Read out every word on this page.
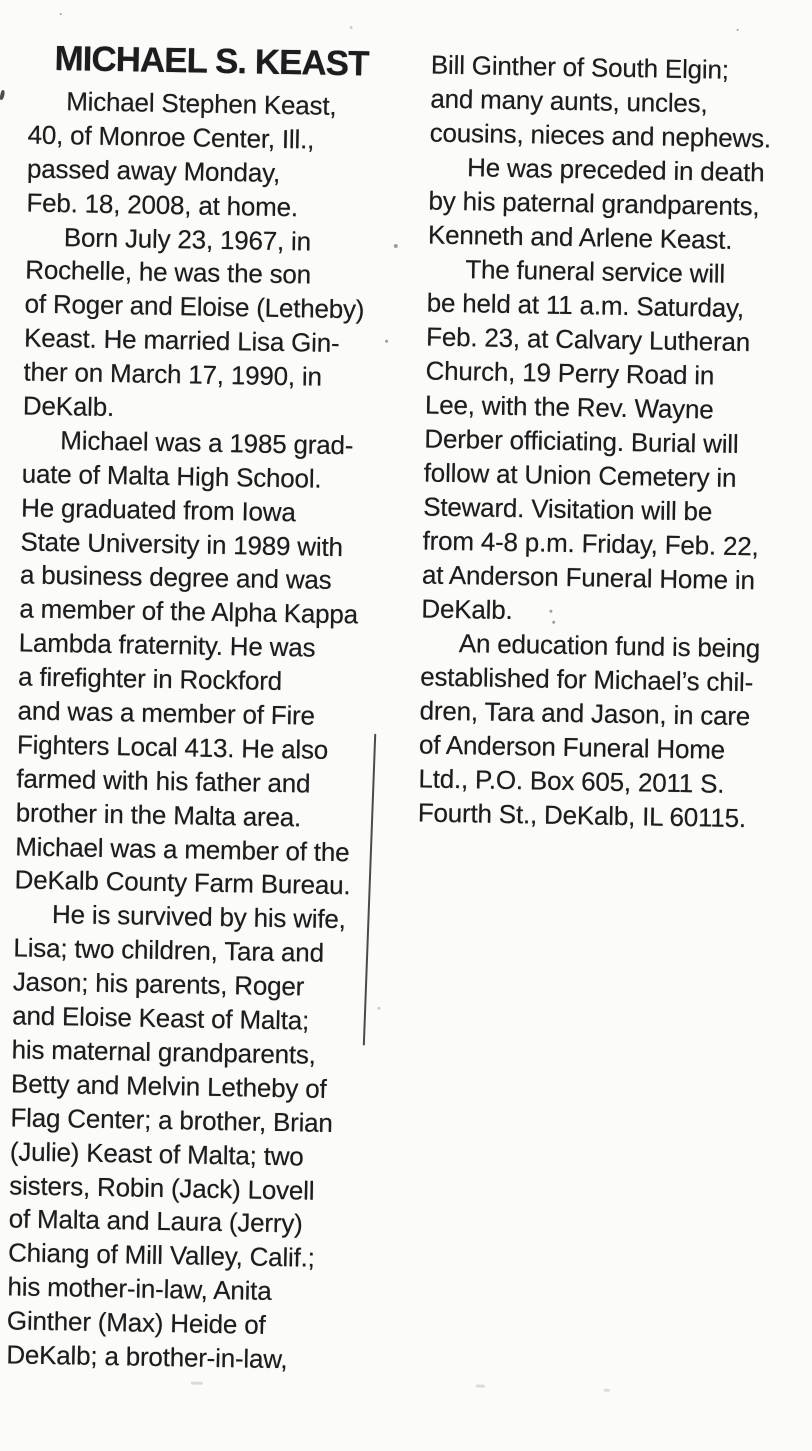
MICHAEL S. KEAST
Michael Stephen Keast,
40, of Monroe Center, Ill.,
passed away Monday,
Feb. 18, 2008, at home.
Born July 23, 1967, in
Rochelle, he was the son
of Roger and Eloise (Letheby)
Keast. He married Lisa Gin-
ther on March 17, 1990, in
DeKalb.
Michael was a 1985 grad-
uate of Malta High School.
He graduated from Iowa
State University in 1989 with
a business degree and was
a member of the Alpha Kappa
Lambda fraternity. He was
a firefighter in Rockford
and was a member of Fire
Fighters Local 413. He also
farmed with his father and
brother in the Malta area.
Michael was a member of the
DeKalb County Farm Bureau.
He is survived by his wife,
Lisa; two children, Tara and
Jason; his parents, Roger
and Eloise Keast of Malta;
his maternal grandparents,
Betty and Melvin Letheby of
Flag Center; a brother, Brian
(Julie) Keast of Malta; two
sisters, Robin (Jack) Lovell
of Malta and Laura (Jerry)
Chiang of Mill Valley, Calif.;
his mother-in-law, Anita
Ginther (Max) Heide of
DeKalb; a brother-in-law,
Bill Ginther of South Elgin;
and many aunts, uncles,
cousins, nieces and nephews.
He was preceded in death
by his paternal grandparents,
Kenneth and Arlene Keast.
The funeral service will
be held at 11 a.m. Saturday,
Feb. 23, at Calvary Lutheran
Church, 19 Perry Road in
Lee, with the Rev. Wayne
Derber officiating. Burial will
follow at Union Cemetery in
Steward. Visitation will be
from 4-8 p.m. Friday, Feb. 22,
at Anderson Funeral Home in
DeKalb.
An education fund is being
established for Michael’s chil-
dren, Tara and Jason, in care
of Anderson Funeral Home
Ltd., P.O. Box 605, 2011 S.
Fourth St., DeKalb, IL 60115.
